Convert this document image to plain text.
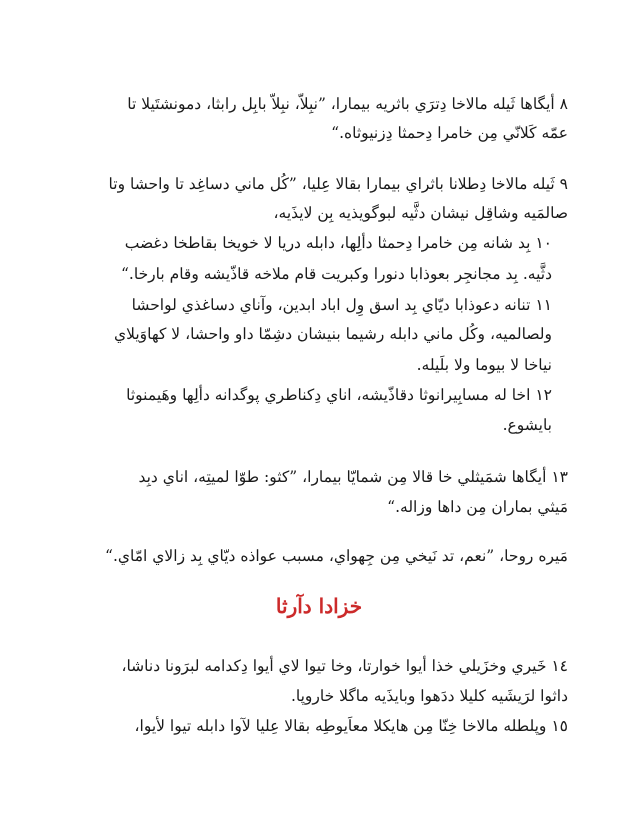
٨ أيگاها ثَيله مالاخا دِترَي باثريه بيمارا، ”نبِلاّ، نبِلاّ بابِل رابثا، دمونشتَيلا تا
عمّه كَلانّي مِن خامرا دِحمثا دِزنيوثاه.“
٩ ثَيله مالاخا دِطلانا باثراي بيمارا بقالا عِليا، ”كُل ماني دساغِد تا واحشا وتا
صالمَيه وشاقِل نيشان دثَّيه لبوگويذيه بِن لايذَيه،
١٠ بِد شانه مِن خامرا دِحمثا دألِها، دابله دريا لا خويخا بقاطخا دغضب
دثَّيه. بِد مجانجِر بعوذابا دنورا وكبريت قام ملاخه قاذّيشه وقام بارخا.“
١١ تنانه دعوذابا ديّاي بِد اسق وِل اباد ابدين، وآناي دساغذي لواحشا
ولصالميه، وكُل ماني دابله رشيما بنيشان دشِمّا داو واحشا، لا كهاوَيلاي
نياخا لا بيوما ولا بلَيله.
١٢ اخا له مسابِيرانوثا دقاذّيشه، اناي دِكناطري پوگدانه دألِها وهَيمنوثا
بايشوع.
١٣ أيگاها شمَيثلي خا قالا مِن شمايّا بيمارا، ”كثو: طوّا لميتِه، اناي دبِد
مَيثي بماران مِن داها وزاله.“
مَيره روحا، ”نعم، تد نَيخي مِن جِهواي، مسبب عواذه ديّاي بِد زالاي امّاي.“
خزادا دآرثا
١٤ خَيري وخزَيلي خذا أيوا خوارتا، وخا تيوا لاي أيوا دِكدامه لبرَونا دناشا،
داثوا لرَيشَيه كليلا ددَهوا وبايذَيه ماگلا خاروپا.
١٥ وپلطله مالاخا خِنّا مِن هايكلا معاَيوطِه بقالا عِليا لآوا دابله تيوا لأيوا،
